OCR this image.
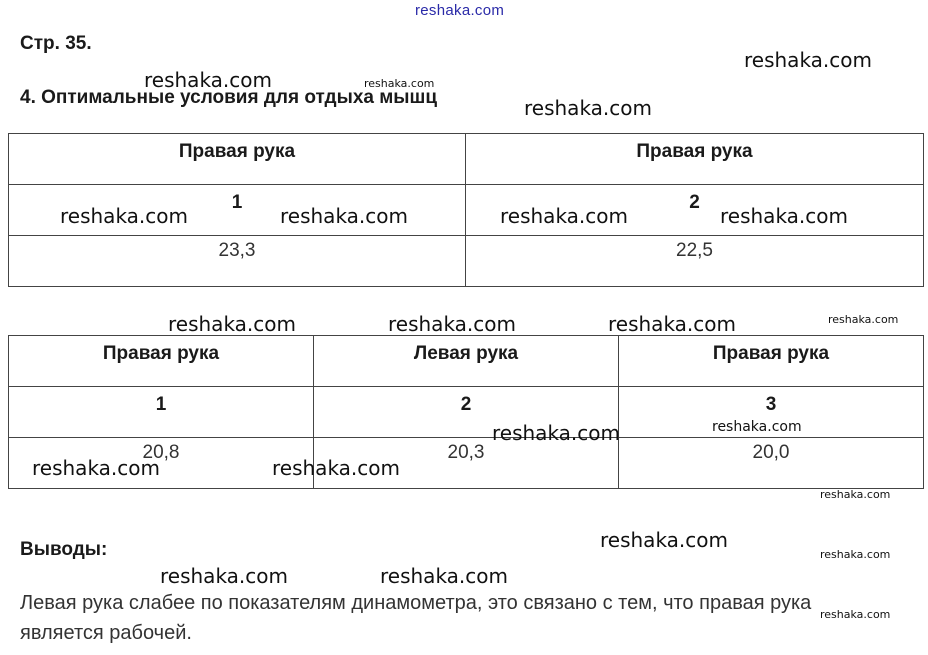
reshaka.com
Стр. 35.
4. Оптимальные условия для отдыха мышц
Правая рука	Правая рука
1	2
23,3	22,5
Правая рука	Левая рука	Правая рука
1	2	3
20,8	20,3	20,0
Выводы:
Левая рука слабее по показателям динамометра, это связано с тем, что правая рука является рабочей.
reshaka.com
reshaka.com	reshaka.com
reshaka.com
reshaka.com	reshaka.com	reshaka.com	reshaka.com
reshaka.com	reshaka.com	reshaka.com	reshaka.com
reshaka.com
reshaka.com
reshaka.com	reshaka.com
reshaka.com
reshaka.com
reshaka.com
reshaka.com	reshaka.com
reshaka.com
